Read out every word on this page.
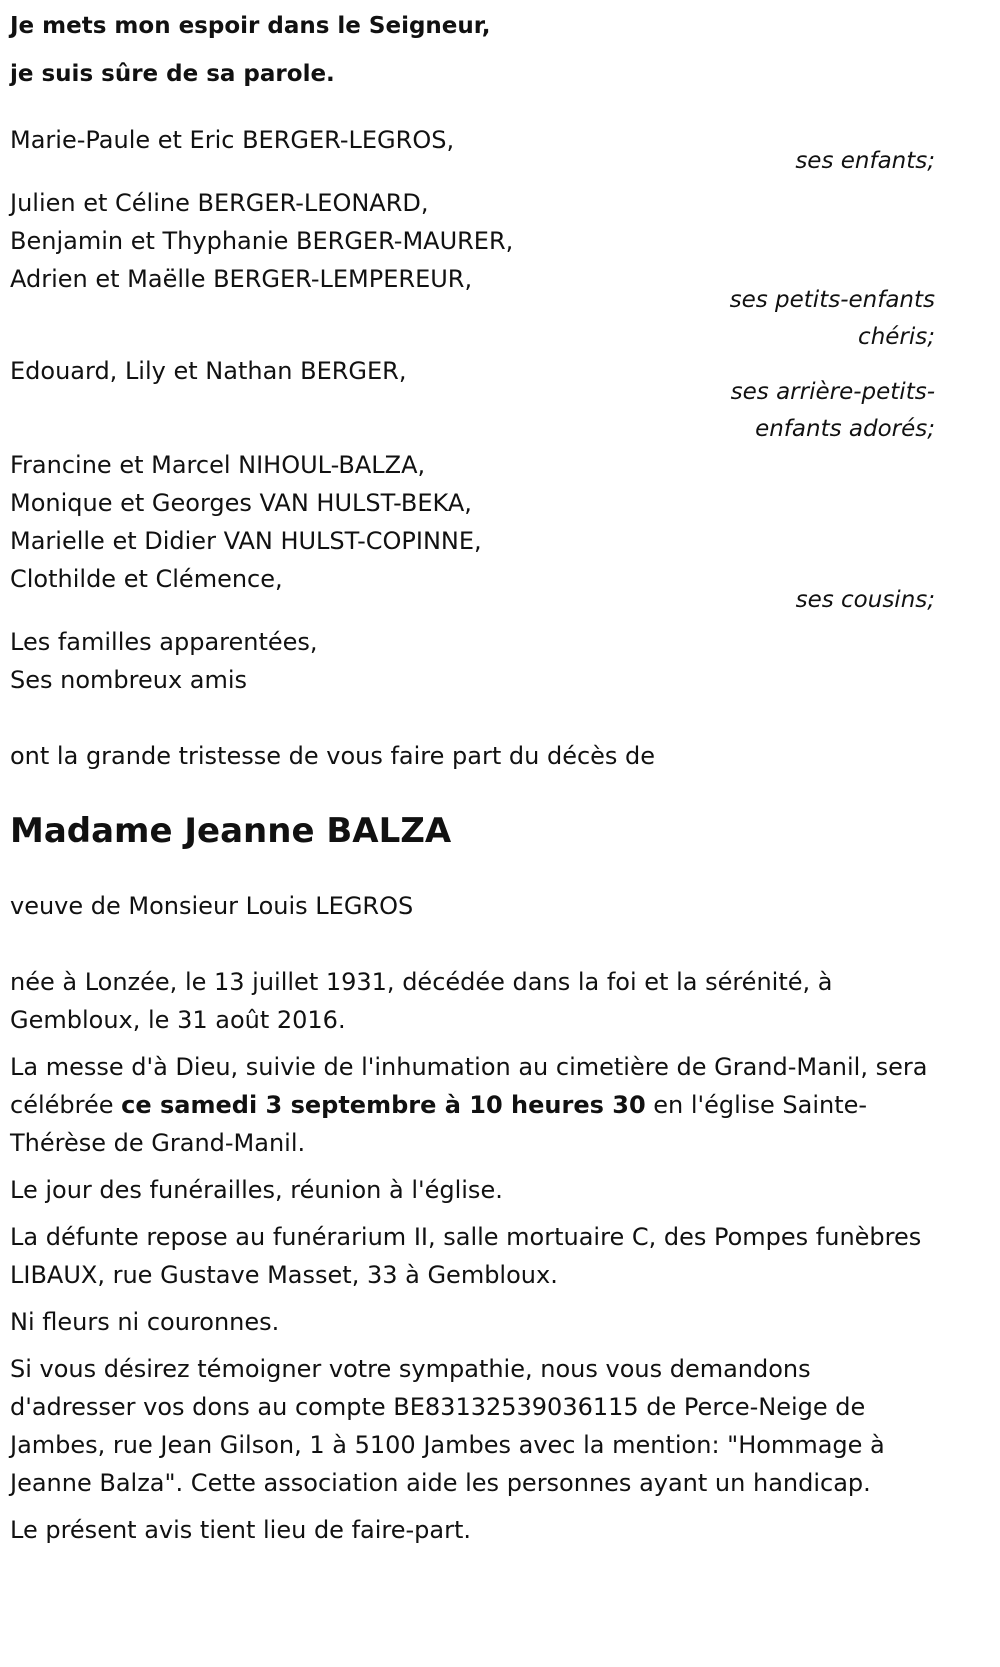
Je mets mon espoir dans le Seigneur,
je suis sûre de sa parole.
Marie-Paule et Eric BERGER-LEGROS,
ses enfants;
Julien et Céline BERGER-LEONARD,
Benjamin et Thyphanie BERGER-MAURER,
Adrien et Maëlle BERGER-LEMPEREUR,
ses petits-enfants
chéris;
Edouard, Lily et Nathan BERGER,
ses arrière-petits-
enfants adorés;
Francine et Marcel NIHOUL-BALZA,
Monique et Georges VAN HULST-BEKA,
Marielle et Didier VAN HULST-COPINNE,
Clothilde et Clémence,
ses cousins;
Les familles apparentées,
Ses nombreux amis
ont la grande tristesse de vous faire part du décès de
Madame Jeanne BALZA
veuve de Monsieur Louis LEGROS
née à Lonzée, le 13 juillet 1931, décédée dans la foi et la sérénité, à Gembloux, le 31 août 2016.
La messe d'à Dieu, suivie de l'inhumation au cimetière de Grand-Manil, sera célébrée ce samedi 3 septembre à 10 heures 30 en l'église Sainte-Thérèse de Grand-Manil.
Le jour des funérailles, réunion à l'église.
La défunte repose au funérarium II, salle mortuaire C, des Pompes funèbres LIBAUX, rue Gustave Masset, 33 à Gembloux.
Ni fleurs ni couronnes.
Si vous désirez témoigner votre sympathie, nous vous demandons d'adresser vos dons au compte BE83132539036115 de Perce-Neige de Jambes, rue Jean Gilson, 1 à 5100 Jambes avec la mention: "Hommage à Jeanne Balza". Cette association aide les personnes ayant un handicap.
Le présent avis tient lieu de faire-part.
